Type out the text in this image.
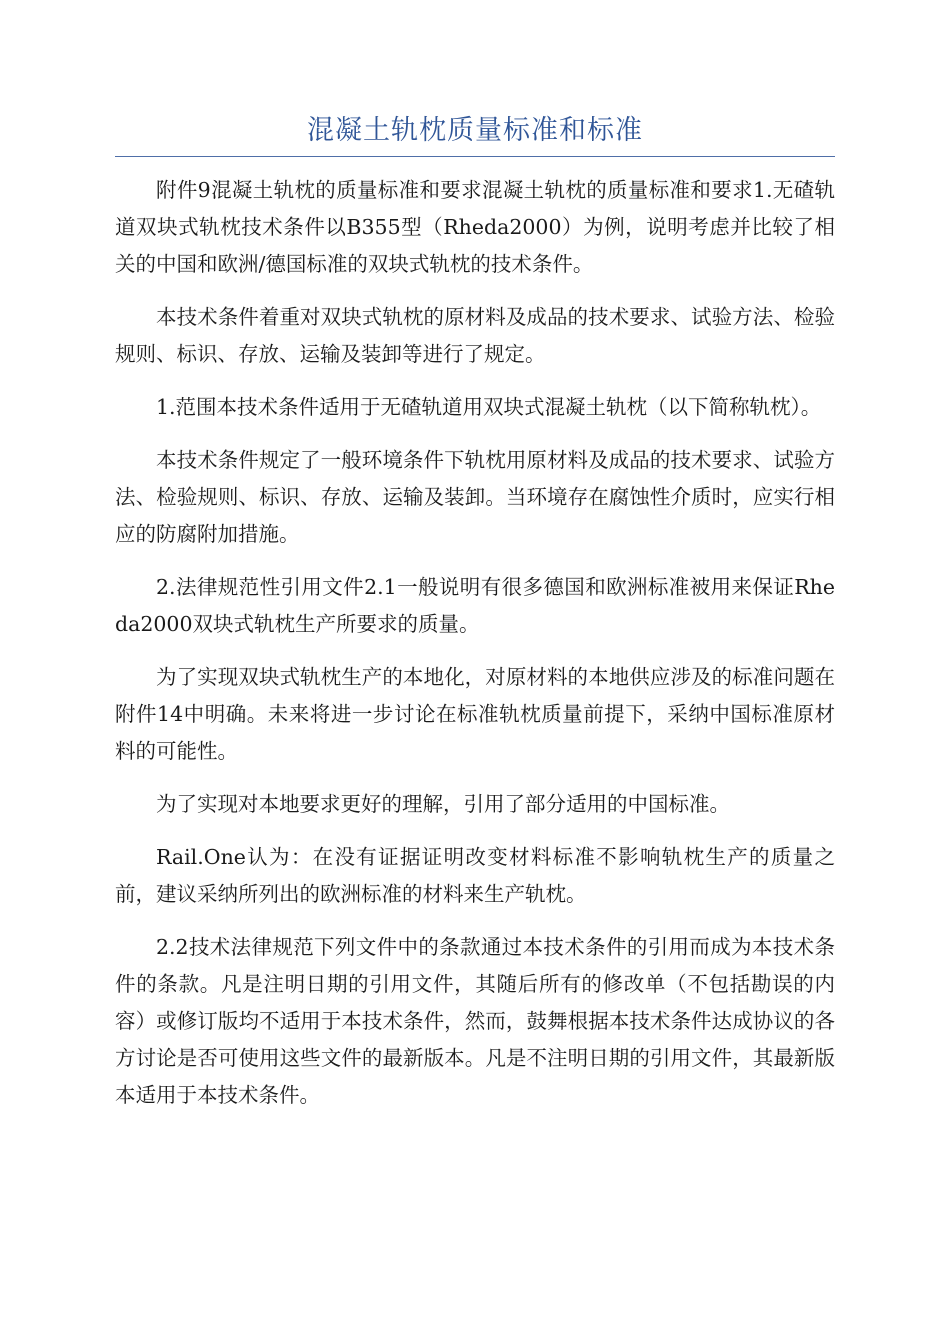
混凝土轨枕质量标准和标准

附件9混凝土轨枕的质量标准和要求混凝土轨枕的质量标准和要求1.无碴轨道双块式轨枕技术条件以B355型（Rheda2000）为例，说明考虑并比较了相关的中国和欧洲/德国标准的双块式轨枕的技术条件。

本技术条件着重对双块式轨枕的原材料及成品的技术要求、试验方法、检验规则、标识、存放、运输及装卸等进行了规定。

1.范围本技术条件适用于无碴轨道用双块式混凝土轨枕（以下简称轨枕）。

本技术条件规定了一般环境条件下轨枕用原材料及成品的技术要求、试验方法、检验规则、标识、存放、运输及装卸。当环境存在腐蚀性介质时，应实行相应的防腐附加措施。

2.法律规范性引用文件2.1一般说明有很多德国和欧洲标准被用来保证Rheda2000双块式轨枕生产所要求的质量。

为了实现双块式轨枕生产的本地化，对原材料的本地供应涉及的标准问题在附件14中明确。未来将进一步讨论在标准轨枕质量前提下，采纳中国标准原材料的可能性。

为了实现对本地要求更好的理解，引用了部分适用的中国标准。

Rail.One认为：在没有证据证明改变材料标准不影响轨枕生产的质量之前，建议采纳所列出的欧洲标准的材料来生产轨枕。

2.2技术法律规范下列文件中的条款通过本技术条件的引用而成为本技术条件的条款。凡是注明日期的引用文件，其随后所有的修改单（不包括勘误的内容）或修订版均不适用于本技术条件，然而，鼓舞根据本技术条件达成协议的各方讨论是否可使用这些文件的最新版本。凡是不注明日期的引用文件，其最新版本适用于本技术条件。
